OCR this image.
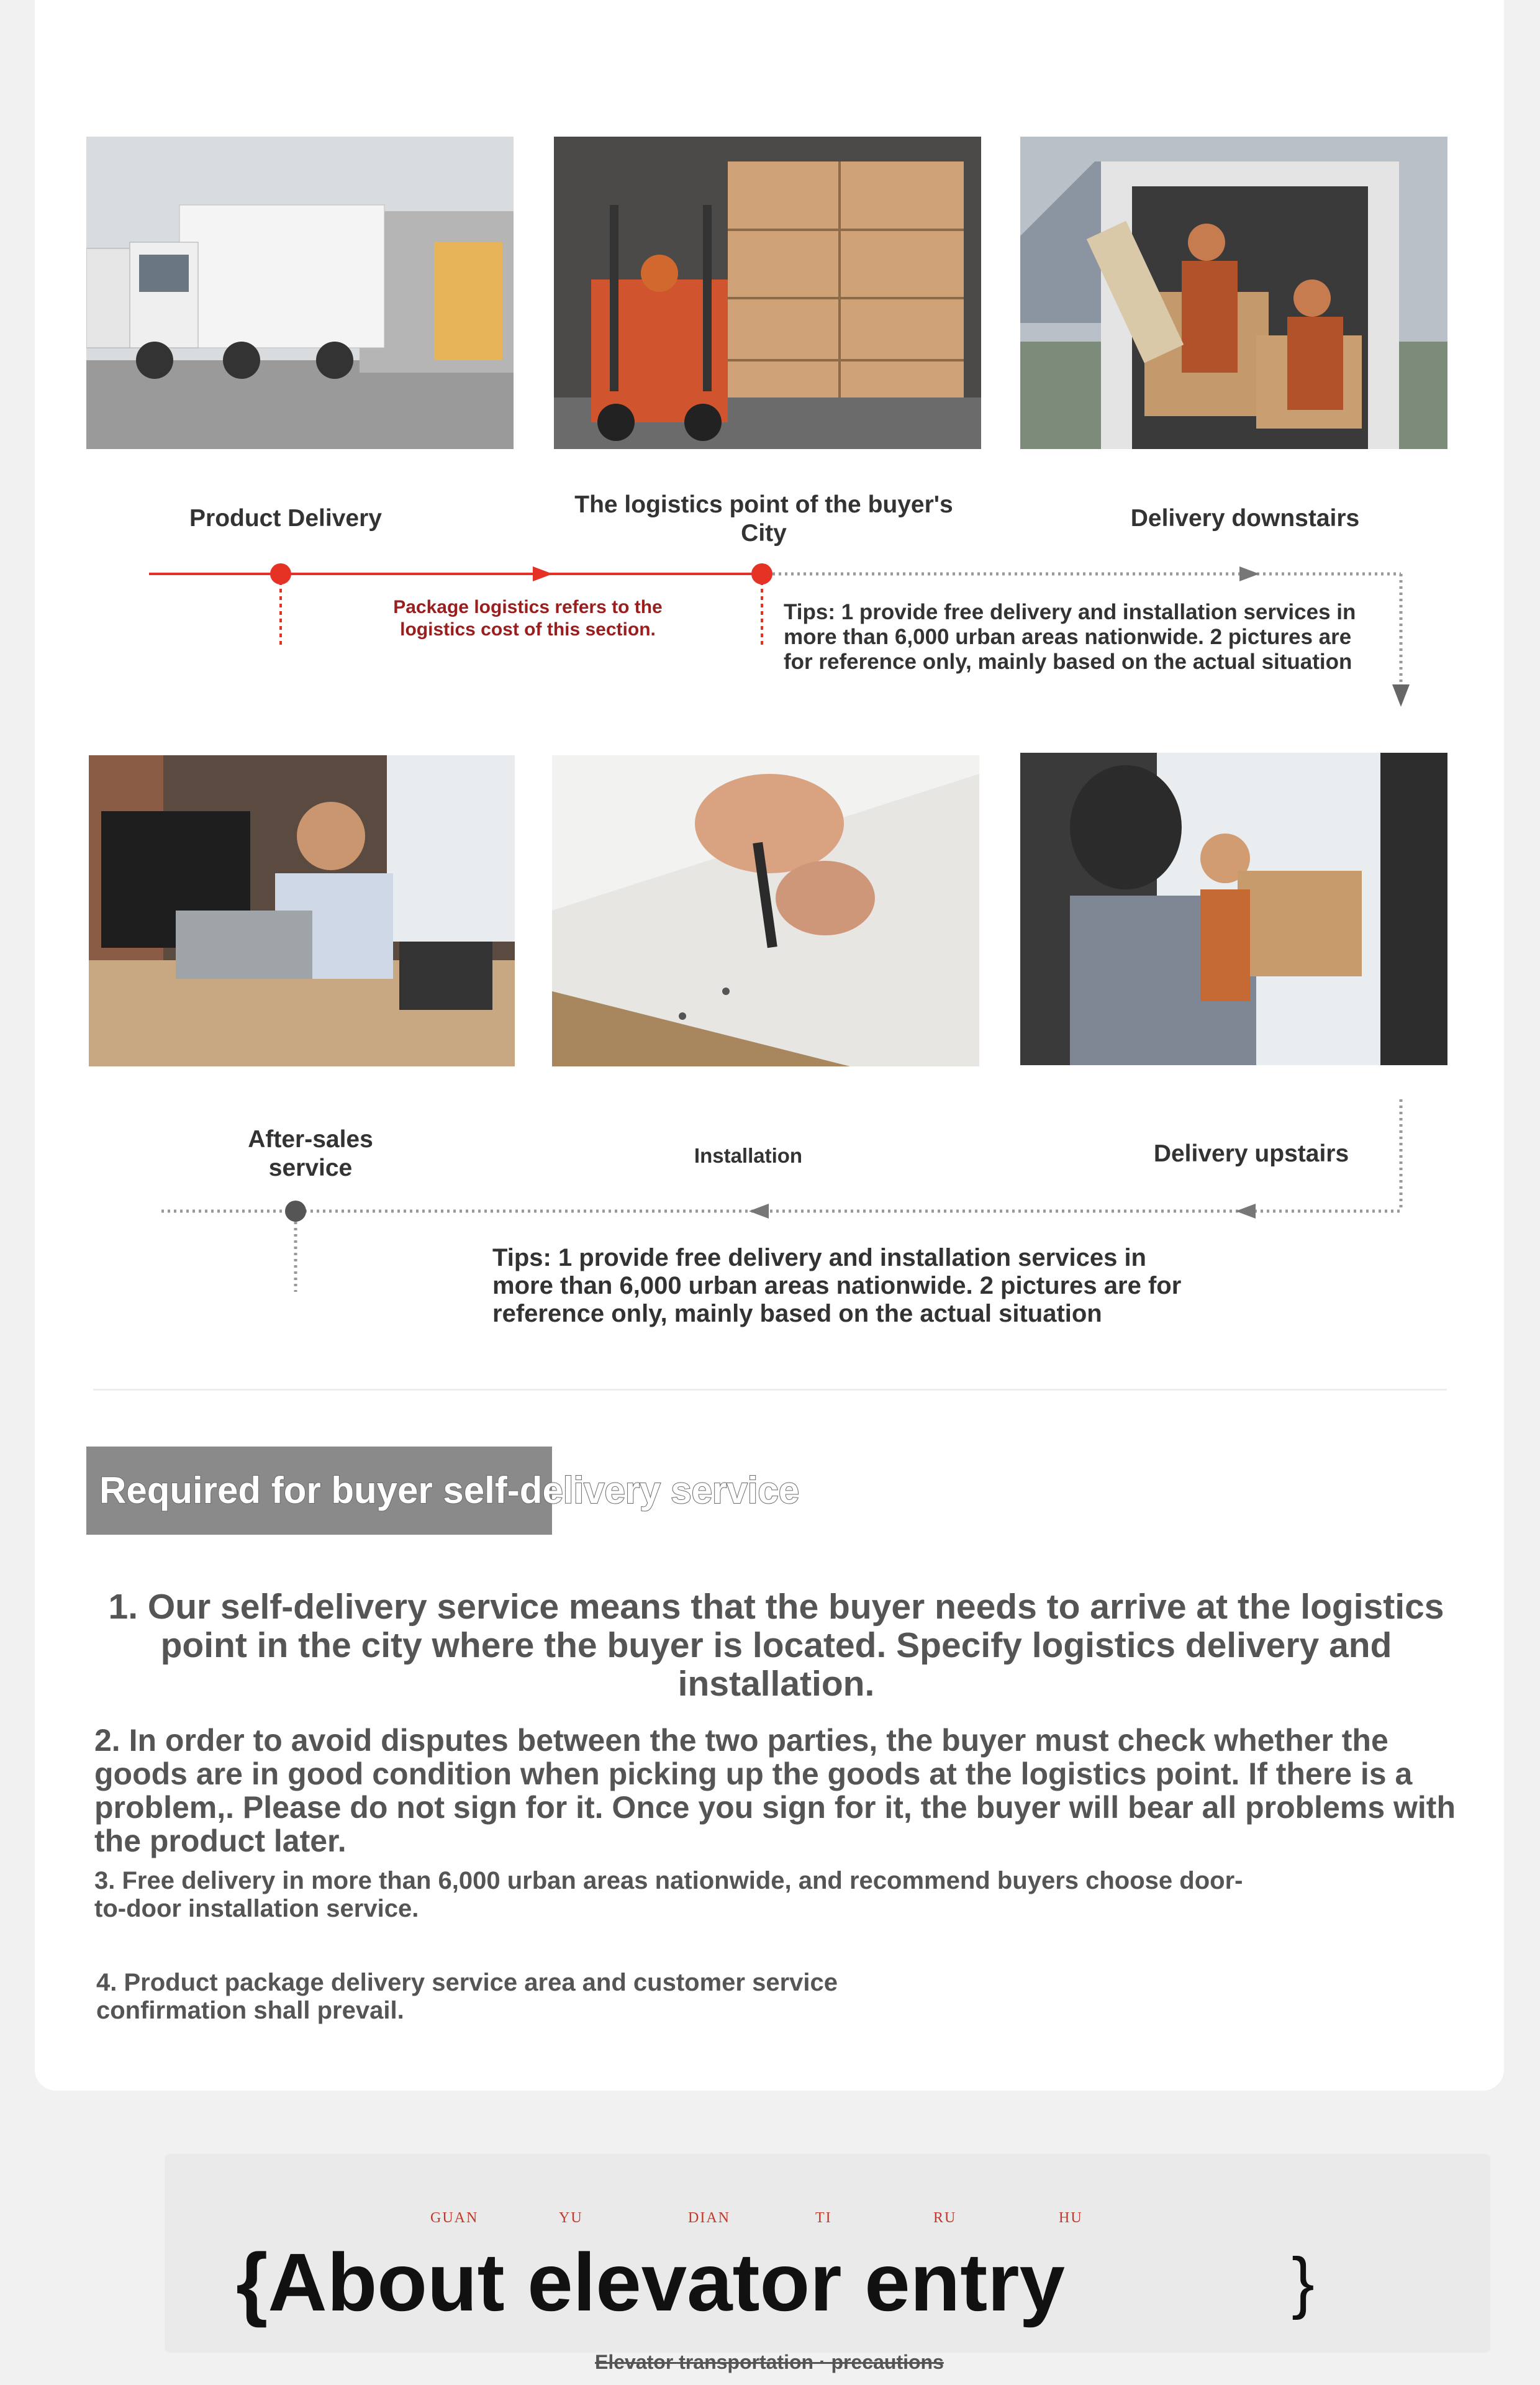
Product Delivery
The logistics point of the buyer's City
Delivery downstairs
Package logistics refers to the logistics cost of this section.
Tips: 1 provide free delivery and installation services in more than 6,000 urban areas nationwide. 2 pictures are for reference only, mainly based on the actual situation
After-sales service	Installation	Delivery upstairs
Tips: 1 provide free delivery and installation services in more than 6,000 urban areas nationwide. 2 pictures are for reference only, mainly based on the actual situation
Required for buyer self-delivery service
1. Our self-delivery service means that the buyer needs to arrive at the logistics point in the city where the buyer is located. Specify logistics delivery and installation.
2. In order to avoid disputes between the two parties, the buyer must check whether the goods are in good condition when picking up the goods at the logistics point. If there is a problem,. Please do not sign for it. Once you sign for it, the buyer will bear all problems with the product later.
3. Free delivery in more than 6,000 urban areas nationwide, and recommend buyers choose door-to-door installation service.
4. Product package delivery service area and customer service confirmation shall prevail.
GUAN	YU	DIAN	TI	RU	HU
{About elevator entry	}
Elevator transportation · precautions
